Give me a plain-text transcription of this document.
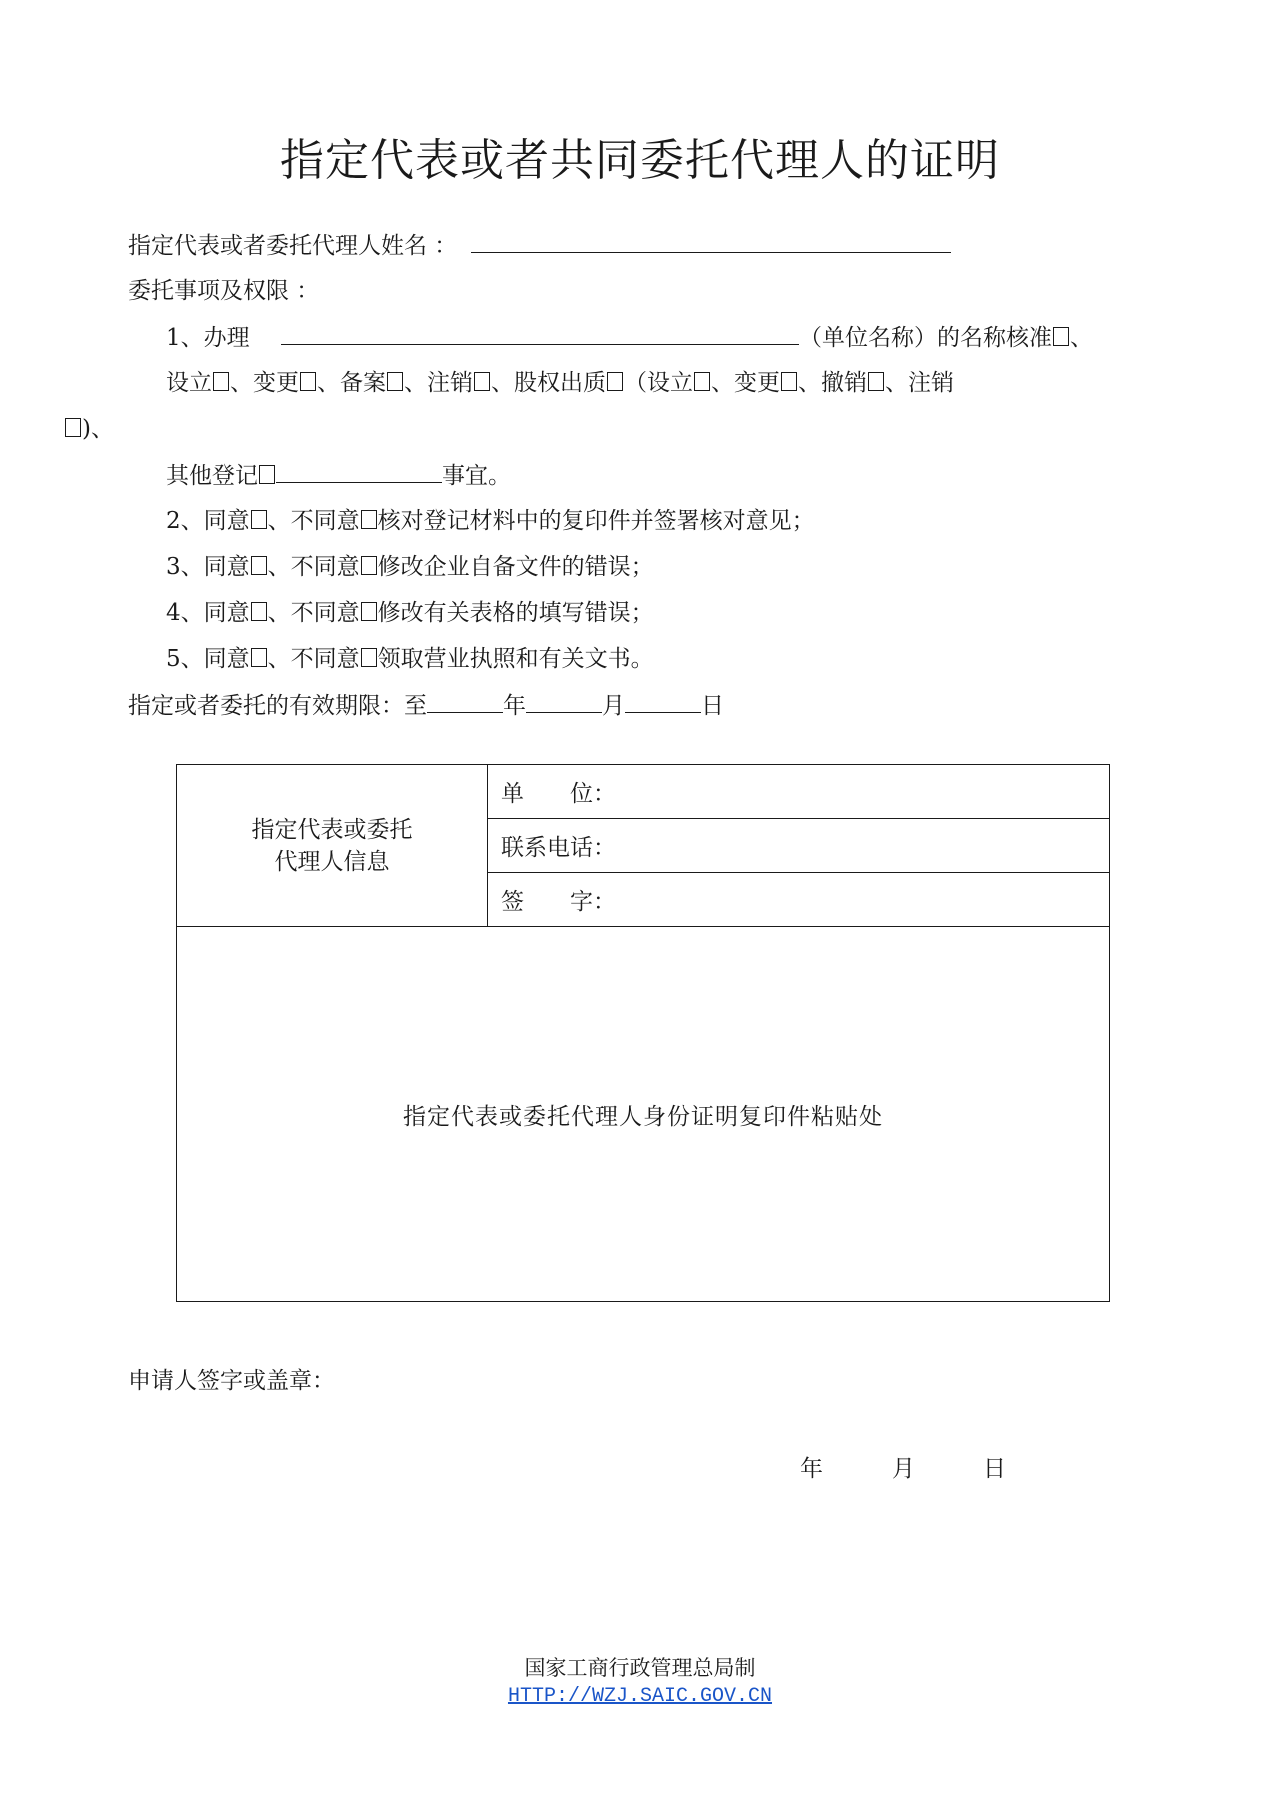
指定代表或者共同委托代理人的证明
指定代表或者委托代理人姓名 ：
委托事项及权限 ：
1、办理	（单位名称）的名称核准 、
设立 、变更 、备案 、注销 、股权出质 （设立 、变更 、撤销 、注销
)、
其他登记	事宜。
2、同意 、不同意 核对登记材料中的复印件并签署核对意见；
3、同意 、不同意 修改企业自备文件的错误；
4、同意 、不同意 修改有关表格的填写错误；
5、同意 、不同意 领取营业执照和有关文书。
指定或者委托的有效期限：至	年	月	日
指定代表或委托
代理人信息
	单　　位：
联系电话：
签　　字：
指定代表或委托代理人身份证明复印件粘贴处
申请人签字或盖章：
年	月	日
国家工商行政管理总局制
HTTP://WZJ.SAIC.GOV.CN
